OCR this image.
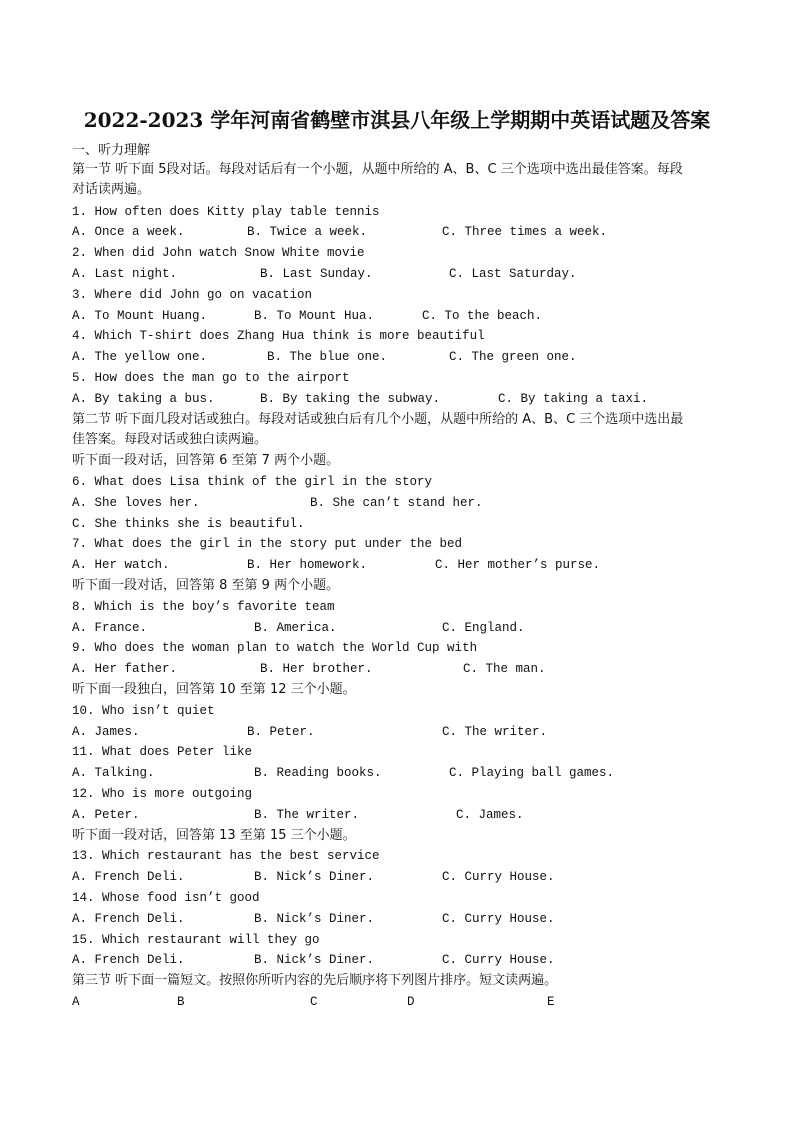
2022-2023 学年河南省鹤壁市淇县八年级上学期期中英语试题及答案
一、听力理解
第一节 听下面 5段对话。每段对话后有一个小题，从题中所给的 A、B、C 三个选项中选出最佳答案。每段
对话读两遍。
1. How often does Kitty play table tennis
A. Once a week.	B. Twice a week.	C. Three times a week.
2. When did John watch Snow White movie
A. Last night.	B. Last Sunday.	C. Last Saturday.
3. Where did John go on vacation
A. To Mount Huang.	B. To Mount Hua.	C. To the beach.
4. Which T-shirt does Zhang Hua think is more beautiful
A. The yellow one.	B. The blue one.	C. The green one.
5. How does the man go to the airport
A. By taking a bus.	B. By taking the subway.	C. By taking a taxi.
第二节 听下面几段对话或独白。每段对话或独白后有几个小题，从题中所给的 A、B、C 三个选项中选出最
佳答案。每段对话或独白读两遍。
听下面一段对话，回答第 6 至第 7 两个小题。
6. What does Lisa think of the girl in the story
A. She loves her.	B. She can’t stand her.
C. She thinks she is beautiful.
7. What does the girl in the story put under the bed
A. Her watch.	B. Her homework.	C. Her mother’s purse.
听下面一段对话，回答第 8 至第 9 两个小题。
8. Which is the boy’s favorite team
A. France.	B. America.	C. England.
9. Who does the woman plan to watch the World Cup with
A. Her father.	B. Her brother.	C. The man.
听下面一段独白，回答第 10 至第 12 三个小题。
10. Who isn’t quiet
A. James.	B. Peter.	C. The writer.
11. What does Peter like
A. Talking.	B. Reading books.	C. Playing ball games.
12. Who is more outgoing
A. Peter.	B. The writer.	C. James.
听下面一段对话，回答第 13 至第 15 三个小题。
13. Which restaurant has the best service
A. French Deli.	B. Nick’s Diner.	C. Curry House.
14. Whose food isn’t good
A. French Deli.	B. Nick’s Diner.	C. Curry House.
15. Which restaurant will they go
A. French Deli.	B. Nick’s Diner.	C. Curry House.
第三节 听下面一篇短文。按照你所听内容的先后顺序将下列图片排序。短文读两遍。
A	B	C	D	E
